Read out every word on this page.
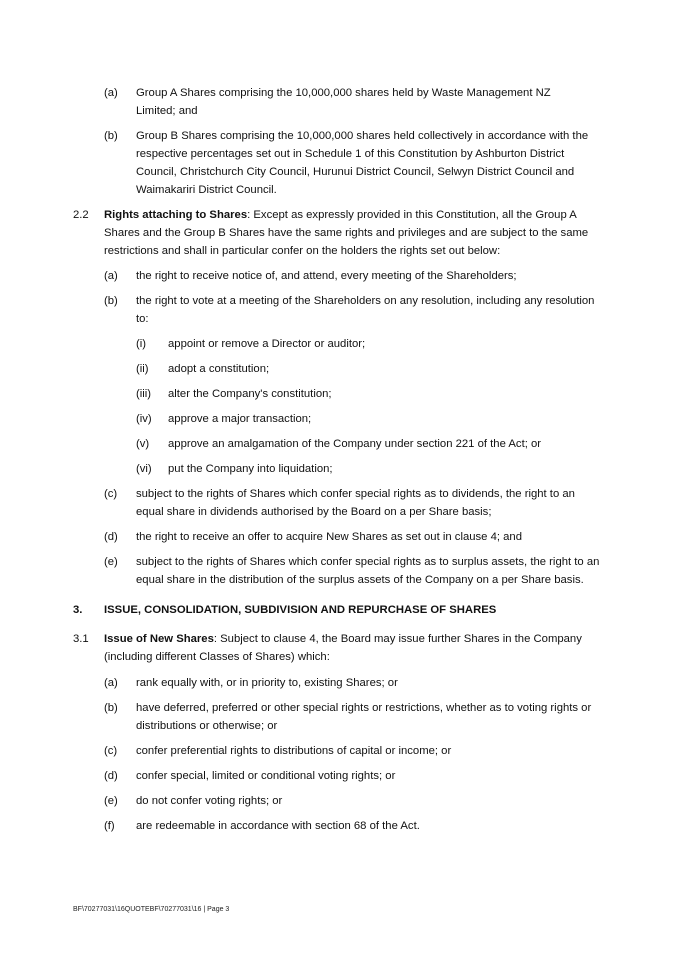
(a) Group A Shares comprising the 10,000,000 shares held by Waste Management NZ
Limited; and
(b) Group B Shares comprising the 10,000,000 shares held collectively in accordance with the
respective percentages set out in Schedule 1 of this Constitution by Ashburton District
Council, Christchurch City Council, Hurunui District Council, Selwyn District Council and
Waimakariri District Council.
2.2 Rights attaching to Shares: Except as expressly provided in this Constitution, all the Group A
Shares and the Group B Shares have the same rights and privileges and are subject to the same
restrictions and shall in particular confer on the holders the rights set out below:
(a) the right to receive notice of, and attend, every meeting of the Shareholders;
(b) the right to vote at a meeting of the Shareholders on any resolution, including any resolution
to:
(i) appoint or remove a Director or auditor;
(ii) adopt a constitution;
(iii) alter the Company's constitution;
(iv) approve a major transaction;
(v) approve an amalgamation of the Company under section 221 of the Act; or
(vi) put the Company into liquidation;
(c) subject to the rights of Shares which confer special rights as to dividends, the right to an
equal share in dividends authorised by the Board on a per Share basis;
(d) the right to receive an offer to acquire New Shares as set out in clause 4; and
(e) subject to the rights of Shares which confer special rights as to surplus assets, the right to an
equal share in the distribution of the surplus assets of the Company on a per Share basis.
3. ISSUE, CONSOLIDATION, SUBDIVISION AND REPURCHASE OF SHARES
3.1 Issue of New Shares: Subject to clause 4, the Board may issue further Shares in the Company
(including different Classes of Shares) which:
(a) rank equally with, or in priority to, existing Shares; or
(b) have deferred, preferred or other special rights or restrictions, whether as to voting rights or
distributions or otherwise; or
(c) confer preferential rights to distributions of capital or income; or
(d) confer special, limited or conditional voting rights; or
(e) do not confer voting rights; or
(f) are redeemable in accordance with section 68 of the Act.
BF\70277031\16QUOTEBF\70277031\16 | Page 3
